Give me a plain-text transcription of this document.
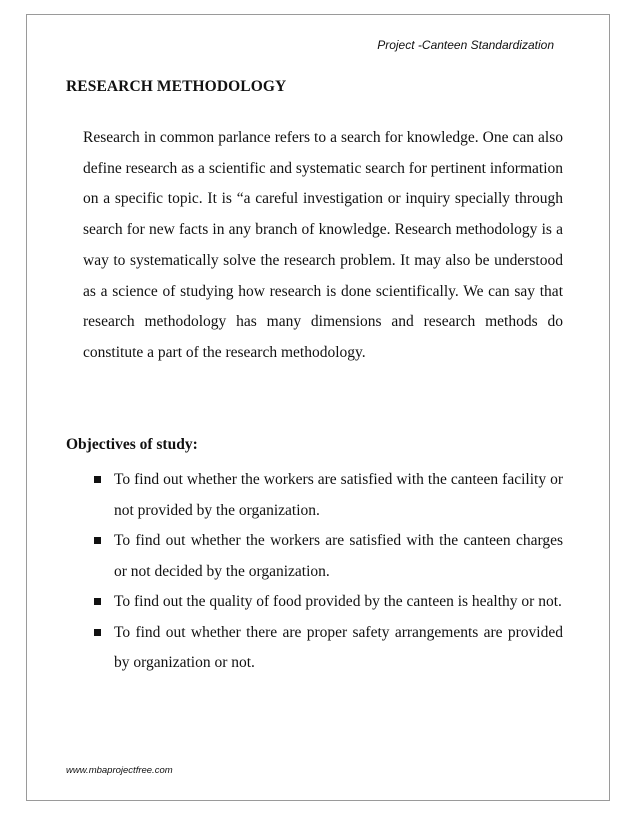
Project -Canteen Standardization
RESEARCH METHODOLOGY
Research in common parlance refers to a search for knowledge. One can also define research as a scientific and systematic search for pertinent information on a specific topic. It is “a careful investigation or inquiry specially through search for new facts in any branch of knowledge. Research methodology is a way to systematically solve the research problem. It may also be understood as a science of studying how research is done scientifically. We can say that research methodology has many dimensions and research methods do constitute a part of the research methodology.
Objectives of study:
To find out whether the workers are satisfied with the canteen facility or not provided by the organization.
To find out whether the workers are satisfied with the canteen charges or not decided by the organization.
To find out the quality of food provided by the canteen is healthy or not.
To find out whether there are proper safety arrangements are provided by organization or not.
www.mbaprojectfree.com
